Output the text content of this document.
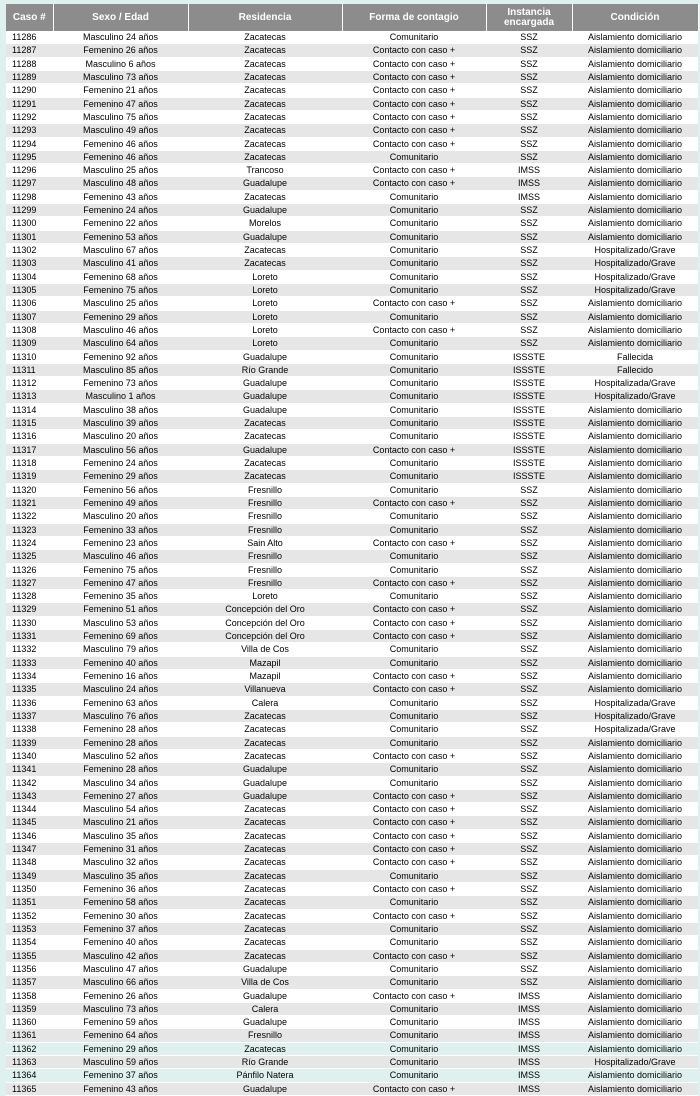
Caso #	Sexo / Edad	Residencia	Forma de contagio	Instancia encargada	Condición
11286	Masculino 24 años	Zacatecas	Comunitario	SSZ	Aislamiento domiciliario
11287	Femenino 26 años	Zacatecas	Contacto con caso +	SSZ	Aislamiento domiciliario
11288	Masculino 6 años	Zacatecas	Contacto con caso +	SSZ	Aislamiento domiciliario
11289	Masculino 73 años	Zacatecas	Contacto con caso +	SSZ	Aislamiento domiciliario
11290	Femenino 21 años	Zacatecas	Contacto con caso +	SSZ	Aislamiento domiciliario
11291	Femenino 47 años	Zacatecas	Contacto con caso +	SSZ	Aislamiento domiciliario
11292	Masculino 75 años	Zacatecas	Contacto con caso +	SSZ	Aislamiento domiciliario
11293	Masculino 49 años	Zacatecas	Contacto con caso +	SSZ	Aislamiento domiciliario
11294	Femenino 46 años	Zacatecas	Contacto con caso +	SSZ	Aislamiento domiciliario
11295	Femenino 46 años	Zacatecas	Comunitario	SSZ	Aislamiento domiciliario
11296	Masculino 25 años	Trancoso	Contacto con caso +	IMSS	Aislamiento domiciliario
11297	Masculino 48 años	Guadalupe	Contacto con caso +	IMSS	Aislamiento domiciliario
11298	Femenino 43 años	Zacatecas	Comunitario	IMSS	Aislamiento domiciliario
11299	Femenino 24 años	Guadalupe	Comunitario	SSZ	Aislamiento domiciliario
11300	Femenino 22 años	Morelos	Comunitario	SSZ	Aislamiento domiciliario
11301	Femenino 53 años	Guadalupe	Comunitario	SSZ	Aislamiento domiciliario
11302	Masculino 67 años	Zacatecas	Comunitario	SSZ	Hospitalizado/Grave
11303	Masculino 41 años	Zacatecas	Comunitario	SSZ	Hospitalizado/Grave
11304	Femenino 68 años	Loreto	Comunitario	SSZ	Hospitalizado/Grave
11305	Femenino 75 años	Loreto	Comunitario	SSZ	Hospitalizado/Grave
11306	Masculino 25 años	Loreto	Contacto con caso +	SSZ	Aislamiento domiciliario
11307	Femenino 29 años	Loreto	Comunitario	SSZ	Aislamiento domiciliario
11308	Masculino 46 años	Loreto	Contacto con caso +	SSZ	Aislamiento domiciliario
11309	Masculino 64 años	Loreto	Comunitario	SSZ	Aislamiento domiciliario
11310	Femenino 92 años	Guadalupe	Comunitario	ISSSTE	Fallecida
11311	Masculino 85 años	Río Grande	Comunitario	ISSSTE	Fallecido
11312	Femenino 73 años	Guadalupe	Comunitario	ISSSTE	Hospitalizada/Grave
11313	Masculino 1 años	Guadalupe	Comunitario	ISSSTE	Hospitalizado/Grave
11314	Masculino 38 años	Guadalupe	Comunitario	ISSSTE	Aislamiento domiciliario
11315	Masculino 39 años	Zacatecas	Comunitario	ISSSTE	Aislamiento domiciliario
11316	Masculino 20 años	Zacatecas	Comunitario	ISSSTE	Aislamiento domiciliario
11317	Masculino 56 años	Guadalupe	Contacto con caso +	ISSSTE	Aislamiento domiciliario
11318	Femenino 24 años	Zacatecas	Comunitario	ISSSTE	Aislamiento domiciliario
11319	Femenino 29 años	Zacatecas	Comunitario	ISSSTE	Aislamiento domiciliario
11320	Femenino 56 años	Fresnillo	Comunitario	SSZ	Aislamiento domiciliario
11321	Femenino 49 años	Fresnillo	Contacto con caso +	SSZ	Aislamiento domiciliario
11322	Masculino 20 años	Fresnillo	Comunitario	SSZ	Aislamiento domiciliario
11323	Femenino 33 años	Fresnillo	Comunitario	SSZ	Aislamiento domiciliario
11324	Femenino 23 años	Sain Alto	Contacto con caso +	SSZ	Aislamiento domiciliario
11325	Masculino 46 años	Fresnillo	Comunitario	SSZ	Aislamiento domiciliario
11326	Femenino 75 años	Fresnillo	Comunitario	SSZ	Aislamiento domiciliario
11327	Femenino 47 años	Fresnillo	Contacto con caso +	SSZ	Aislamiento domiciliario
11328	Femenino 35 años	Loreto	Comunitario	SSZ	Aislamiento domiciliario
11329	Femenino 51 años	Concepción del Oro	Contacto con caso +	SSZ	Aislamiento domiciliario
11330	Masculino 53 años	Concepción del Oro	Contacto con caso +	SSZ	Aislamiento domiciliario
11331	Femenino 69 años	Concepción del Oro	Contacto con caso +	SSZ	Aislamiento domiciliario
11332	Masculino 79 años	Villa de Cos	Comunitario	SSZ	Aislamiento domiciliario
11333	Femenino 40 años	Mazapil	Comunitario	SSZ	Aislamiento domiciliario
11334	Femenino 16 años	Mazapil	Contacto con caso +	SSZ	Aislamiento domiciliario
11335	Masculino 24 años	Villanueva	Contacto con caso +	SSZ	Aislamiento domiciliario
11336	Femenino 63 años	Calera	Comunitario	SSZ	Hospitalizada/Grave
11337	Masculino 76 años	Zacatecas	Comunitario	SSZ	Hospitalizado/Grave
11338	Femenino 28 años	Zacatecas	Comunitario	SSZ	Hospitalizada/Grave
11339	Femenino 28 años	Zacatecas	Comunitario	SSZ	Aislamiento domiciliario
11340	Masculino 52 años	Zacatecas	Contacto con caso +	SSZ	Aislamiento domiciliario
11341	Femenino 28 años	Guadalupe	Comunitario	SSZ	Aislamiento domiciliario
11342	Masculino 34 años	Guadalupe	Comunitario	SSZ	Aislamiento domiciliario
11343	Femenino 27 años	Guadalupe	Contacto con caso +	SSZ	Aislamiento domiciliario
11344	Masculino 54 años	Zacatecas	Contacto con caso +	SSZ	Aislamiento domiciliario
11345	Masculino 21 años	Zacatecas	Contacto con caso +	SSZ	Aislamiento domiciliario
11346	Masculino 35 años	Zacatecas	Contacto con caso +	SSZ	Aislamiento domiciliario
11347	Femenino 31 años	Zacatecas	Contacto con caso +	SSZ	Aislamiento domiciliario
11348	Masculino 32 años	Zacatecas	Contacto con caso +	SSZ	Aislamiento domiciliario
11349	Masculino 35 años	Zacatecas	Comunitario	SSZ	Aislamiento domiciliario
11350	Femenino 36 años	Zacatecas	Contacto con caso +	SSZ	Aislamiento domiciliario
11351	Femenino 58 años	Zacatecas	Comunitario	SSZ	Aislamiento domiciliario
11352	Femenino 30 años	Zacatecas	Contacto con caso +	SSZ	Aislamiento domiciliario
11353	Femenino 37 años	Zacatecas	Comunitario	SSZ	Aislamiento domiciliario
11354	Femenino 40 años	Zacatecas	Comunitario	SSZ	Aislamiento domiciliario
11355	Masculino 42 años	Zacatecas	Contacto con caso +	SSZ	Aislamiento domiciliario
11356	Masculino 47 años	Guadalupe	Comunitario	SSZ	Aislamiento domiciliario
11357	Masculino 66 años	Villa de Cos	Comunitario	SSZ	Aislamiento domiciliario
11358	Femenino 26 años	Guadalupe	Contacto con caso +	IMSS	Aislamiento domiciliario
11359	Masculino 73 años	Calera	Comunitario	IMSS	Aislamiento domiciliario
11360	Femenino 59 años	Guadalupe	Comunitario	IMSS	Aislamiento domiciliario
11361	Femenino 64 años	Fresnillo	Comunitario	IMSS	Aislamiento domiciliario
11362	Femenino 29 años	Zacatecas	Comunitario	IMSS	Aislamiento domiciliario
11363	Masculino 59 años	Río Grande	Comunitario	IMSS	Hospitalizado/Grave
11364	Femenino 37 años	Pánfilo Natera	Comunitario	IMSS	Aislamiento domiciliario
11365	Femenino 43 años	Guadalupe	Contacto con caso +	IMSS	Aislamiento domiciliario
